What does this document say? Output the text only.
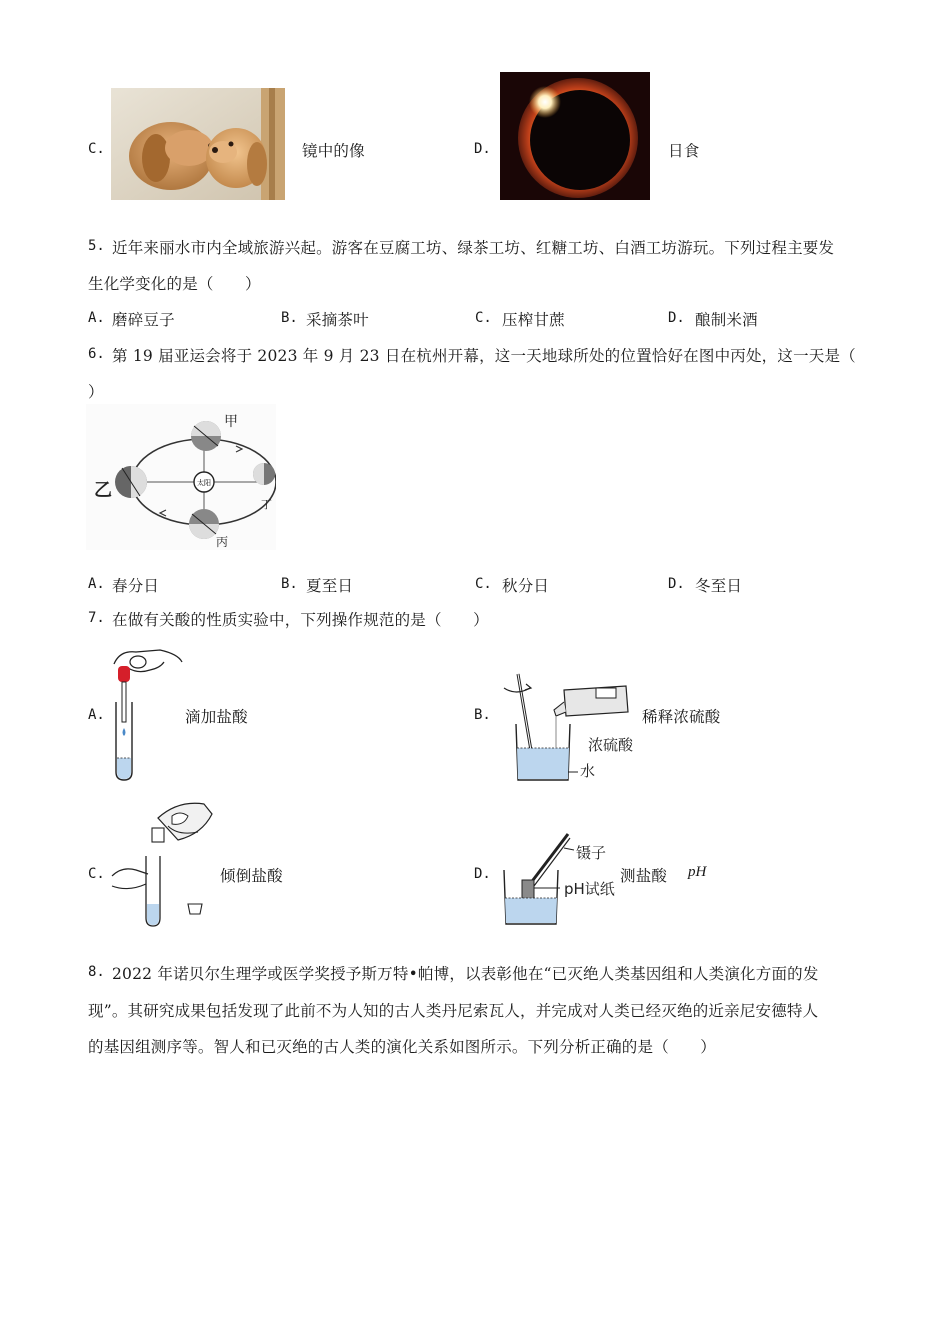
C.	镜中的像	D.	日食
5. 近年来丽水市内全域旅游兴起。游客在豆腐工坊、绿茶工坊、红糖工坊、白酒工坊游玩。下列过程主要发
生化学变化的是（　　）
A. 磨碎豆子	B. 采摘茶叶	C. 压榨甘蔗	D. 酿制米酒
6. 第 19 届亚运会将于 2023 年 9 月 23 日在杭州开幕，这一天地球所处的位置恰好在图中丙处，这一天是（
）
太阳
甲
乙
丁
丙
A. 春分日	B. 夏至日	C. 秋分日	D. 冬至日
7. 在做有关酸的性质实验中，下列操作规范的是（　　）
A.	滴加盐酸	B.
水
浓硫酸
稀释浓硫酸
C.	倾倒盐酸	D.
镊子
pH试纸
测盐酸 pH
8. 2022 年诺贝尔生理学或医学奖授予斯万特•帕博，以表彰他在“已灭绝人类基因组和人类演化方面的发
现”。其研究成果包括发现了此前不为人知的古人类丹尼索瓦人，并完成对人类已经灭绝的近亲尼安德特人
的基因组测序等。智人和已灭绝的古人类的演化关系如图所示。下列分析正确的是（　　）
